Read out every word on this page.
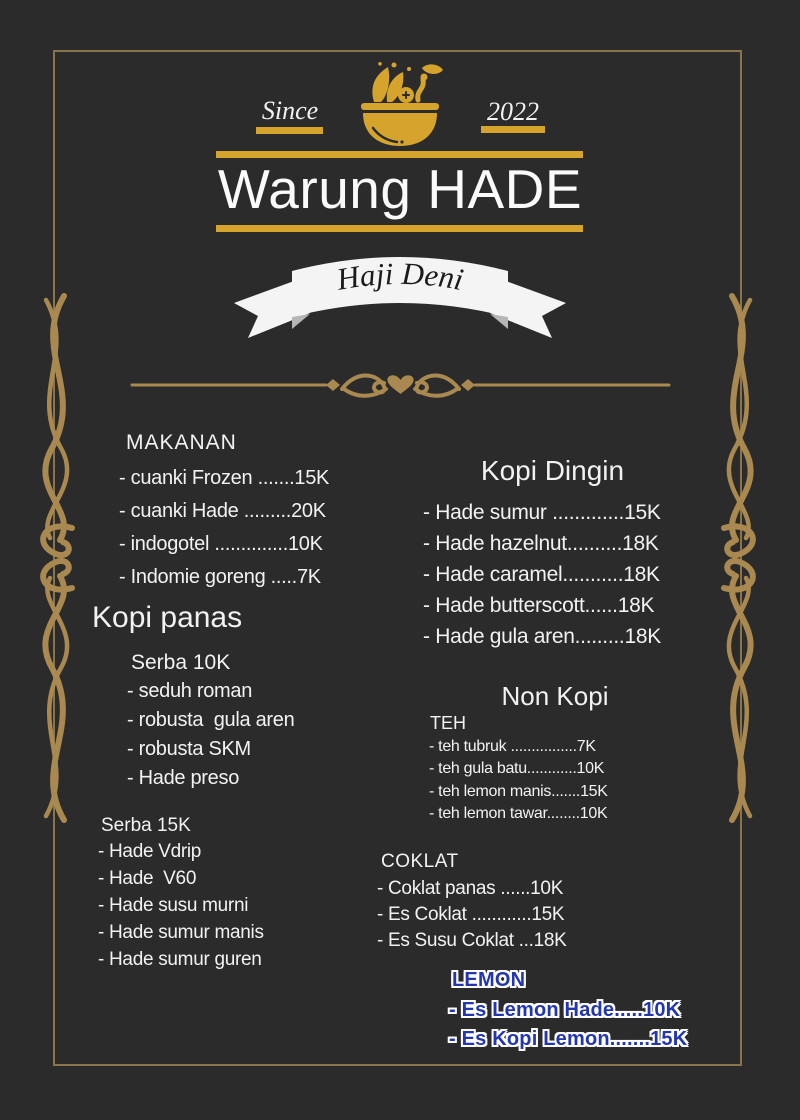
Since	2022
Warung HADE
Haji Deni
MAKANAN
- cuanki Frozen .......15K
- cuanki Hade .........20K
- indogotel ..............10K
- Indomie goreng .....7K
Kopi panas
Serba 10K
- seduh roman
- robusta  gula aren
- robusta SKM
- Hade preso
Serba 15K
- Hade Vdrip
- Hade  V60
- Hade susu murni
- Hade sumur manis
- Hade sumur guren
Kopi Dingin
- Hade sumur .............15K
- Hade hazelnut..........18K
- Hade caramel...........18K
- Hade butterscott......18K
- Hade gula aren.........18K
Non Kopi
TEH
- teh tubruk ................7K
- teh gula batu............10K
- teh lemon manis.......15K
- teh lemon tawar........10K
COKLAT
- Coklat panas ......10K
- Es Coklat ............15K
- Es Susu Coklat ...18K
LEMON
- Es Lemon Hade.....10K
- Es Kopi Lemon.......15K
